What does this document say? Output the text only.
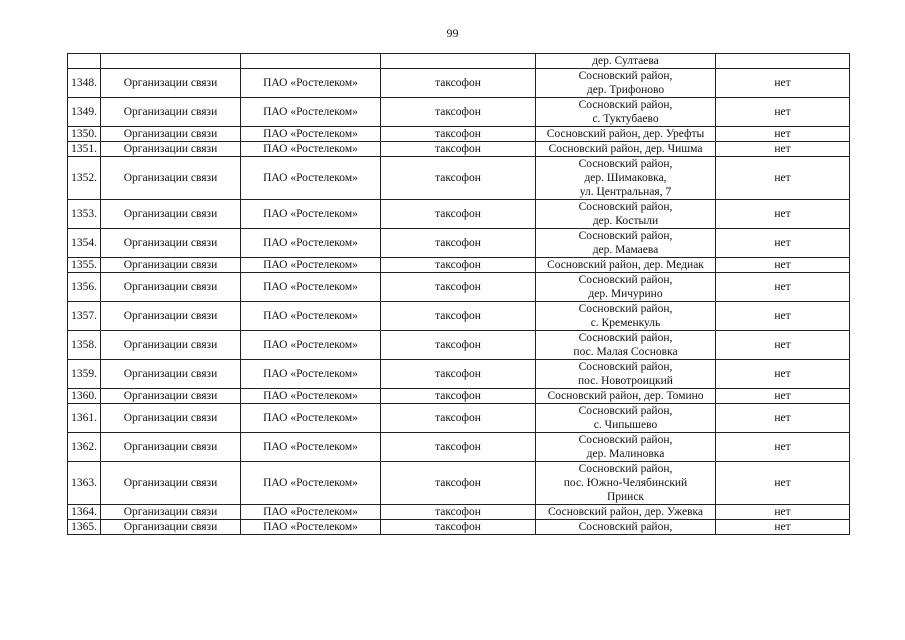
99
				дер. Султаева	
1348.	Организации связи	ПАО «Ростелеком»	таксофон	Сосновский район,
дер. Трифоново	нет
1349.	Организации связи	ПАО «Ростелеком»	таксофон	Сосновский район,
с. Туктубаево	нет
1350.	Организации связи	ПАО «Ростелеком»	таксофон	Сосновский район, дер. Урефты	нет
1351.	Организации связи	ПАО «Ростелеком»	таксофон	Сосновский район, дер. Чишма	нет
1352.	Организации связи	ПАО «Ростелеком»	таксофон	Сосновский район,
дер. Шимаковка,
ул. Центральная, 7	нет
1353.	Организации связи	ПАО «Ростелеком»	таксофон	Сосновский район,
дер. Костыли	нет
1354.	Организации связи	ПАО «Ростелеком»	таксофон	Сосновский район,
дер. Мамаева	нет
1355.	Организации связи	ПАО «Ростелеком»	таксофон	Сосновский район, дер. Медиак	нет
1356.	Организации связи	ПАО «Ростелеком»	таксофон	Сосновский район,
дер. Мичурино	нет
1357.	Организации связи	ПАО «Ростелеком»	таксофон	Сосновский район,
с. Кременкуль	нет
1358.	Организации связи	ПАО «Ростелеком»	таксофон	Сосновский район,
пос. Малая Сосновка	нет
1359.	Организации связи	ПАО «Ростелеком»	таксофон	Сосновский район,
пос. Новотроицкий	нет
1360.	Организации связи	ПАО «Ростелеком»	таксофон	Сосновский район, дер. Томино	нет
1361.	Организации связи	ПАО «Ростелеком»	таксофон	Сосновский район,
с. Чипышево	нет
1362.	Организации связи	ПАО «Ростелеком»	таксофон	Сосновский район,
дер. Малиновка	нет
1363.	Организации связи	ПАО «Ростелеком»	таксофон	Сосновский район,
пос. Южно-Челябинский
Прииск	нет
1364.	Организации связи	ПАО «Ростелеком»	таксофон	Сосновский район, дер. Ужевка	нет
1365.	Организации связи	ПАО «Ростелеком»	таксофон	Сосновский район,	нет
